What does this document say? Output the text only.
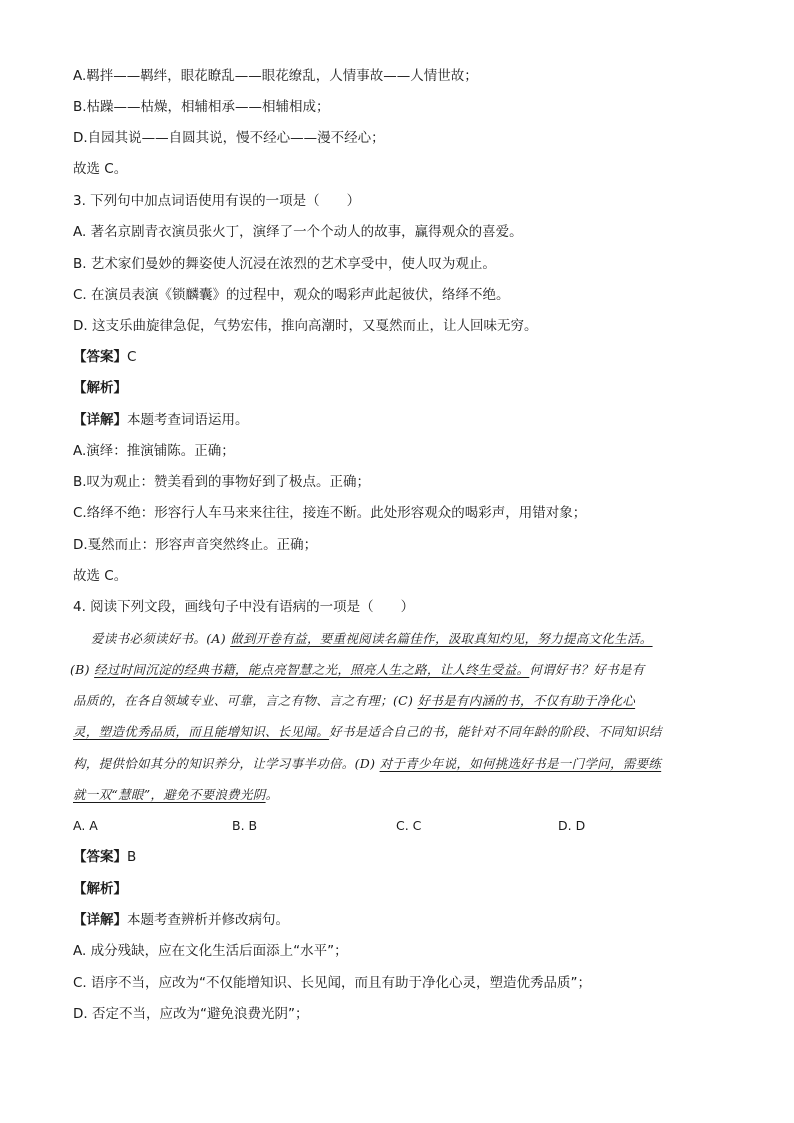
A.羁拌——羁绊，眼花瞭乱——眼花缭乱，人情事故——人情世故；
B.枯躁——枯燥，相辅相承——相辅相成；
D.自园其说——自圆其说，慢不经心——漫不经心；
故选 C。
3. 下列句中加点词语使用有误的一项是（　　）
A. 著名京剧青衣演员张火丁，演绎了一个个动人的故事，赢得观众的喜爱。
B. 艺术家们曼妙的舞姿使人沉浸在浓烈的艺术享受中，使人叹为观止。
C. 在演员表演《锁麟囊》的过程中，观众的喝彩声此起彼伏，络绎不绝。
D. 这支乐曲旋律急促，气势宏伟，推向高潮时，又戛然而止，让人回味无穷。
【答案】C
【解析】
【详解】本题考查词语运用。
A.演绎：推演铺陈。正确；
B.叹为观止：赞美看到的事物好到了极点。正确；
C.络绎不绝：形容行人车马来来往往，接连不断。此处形容观众的喝彩声，用错对象；
D.戛然而止：形容声音突然终止。正确；
故选 C。
4. 阅读下列文段，画线句子中没有语病的一项是（　　）
爱读书必须读好书。(A) 做到开卷有益，要重视阅读名篇佳作，汲取真知灼见，努力提高文化生活。
(B) 经过时间沉淀的经典书籍，能点亮智慧之光，照亮人生之路，让人终生受益。何谓好书？好书是有
品质的，在各自领域专业、可靠，言之有物、言之有理；(C) 好书是有内涵的书，不仅有助于净化心
灵，塑造优秀品质，而且能增知识、长见闻。好书是适合自己的书，能针对不同年龄的阶段、不同知识结
构，提供恰如其分的知识养分，让学习事半功倍。(D) 对于青少年说，如何挑选好书是一门学问，需要练
就一双“慧眼”，避免不要浪费光阴。
A. A	B. B	C. C	D. D
【答案】B
【解析】
【详解】本题考查辨析并修改病句。
A. 成分残缺，应在文化生活后面添上“水平”；
C. 语序不当，应改为“不仅能增知识、长见闻，而且有助于净化心灵，塑造优秀品质”；
D. 否定不当，应改为“避免浪费光阴”；
